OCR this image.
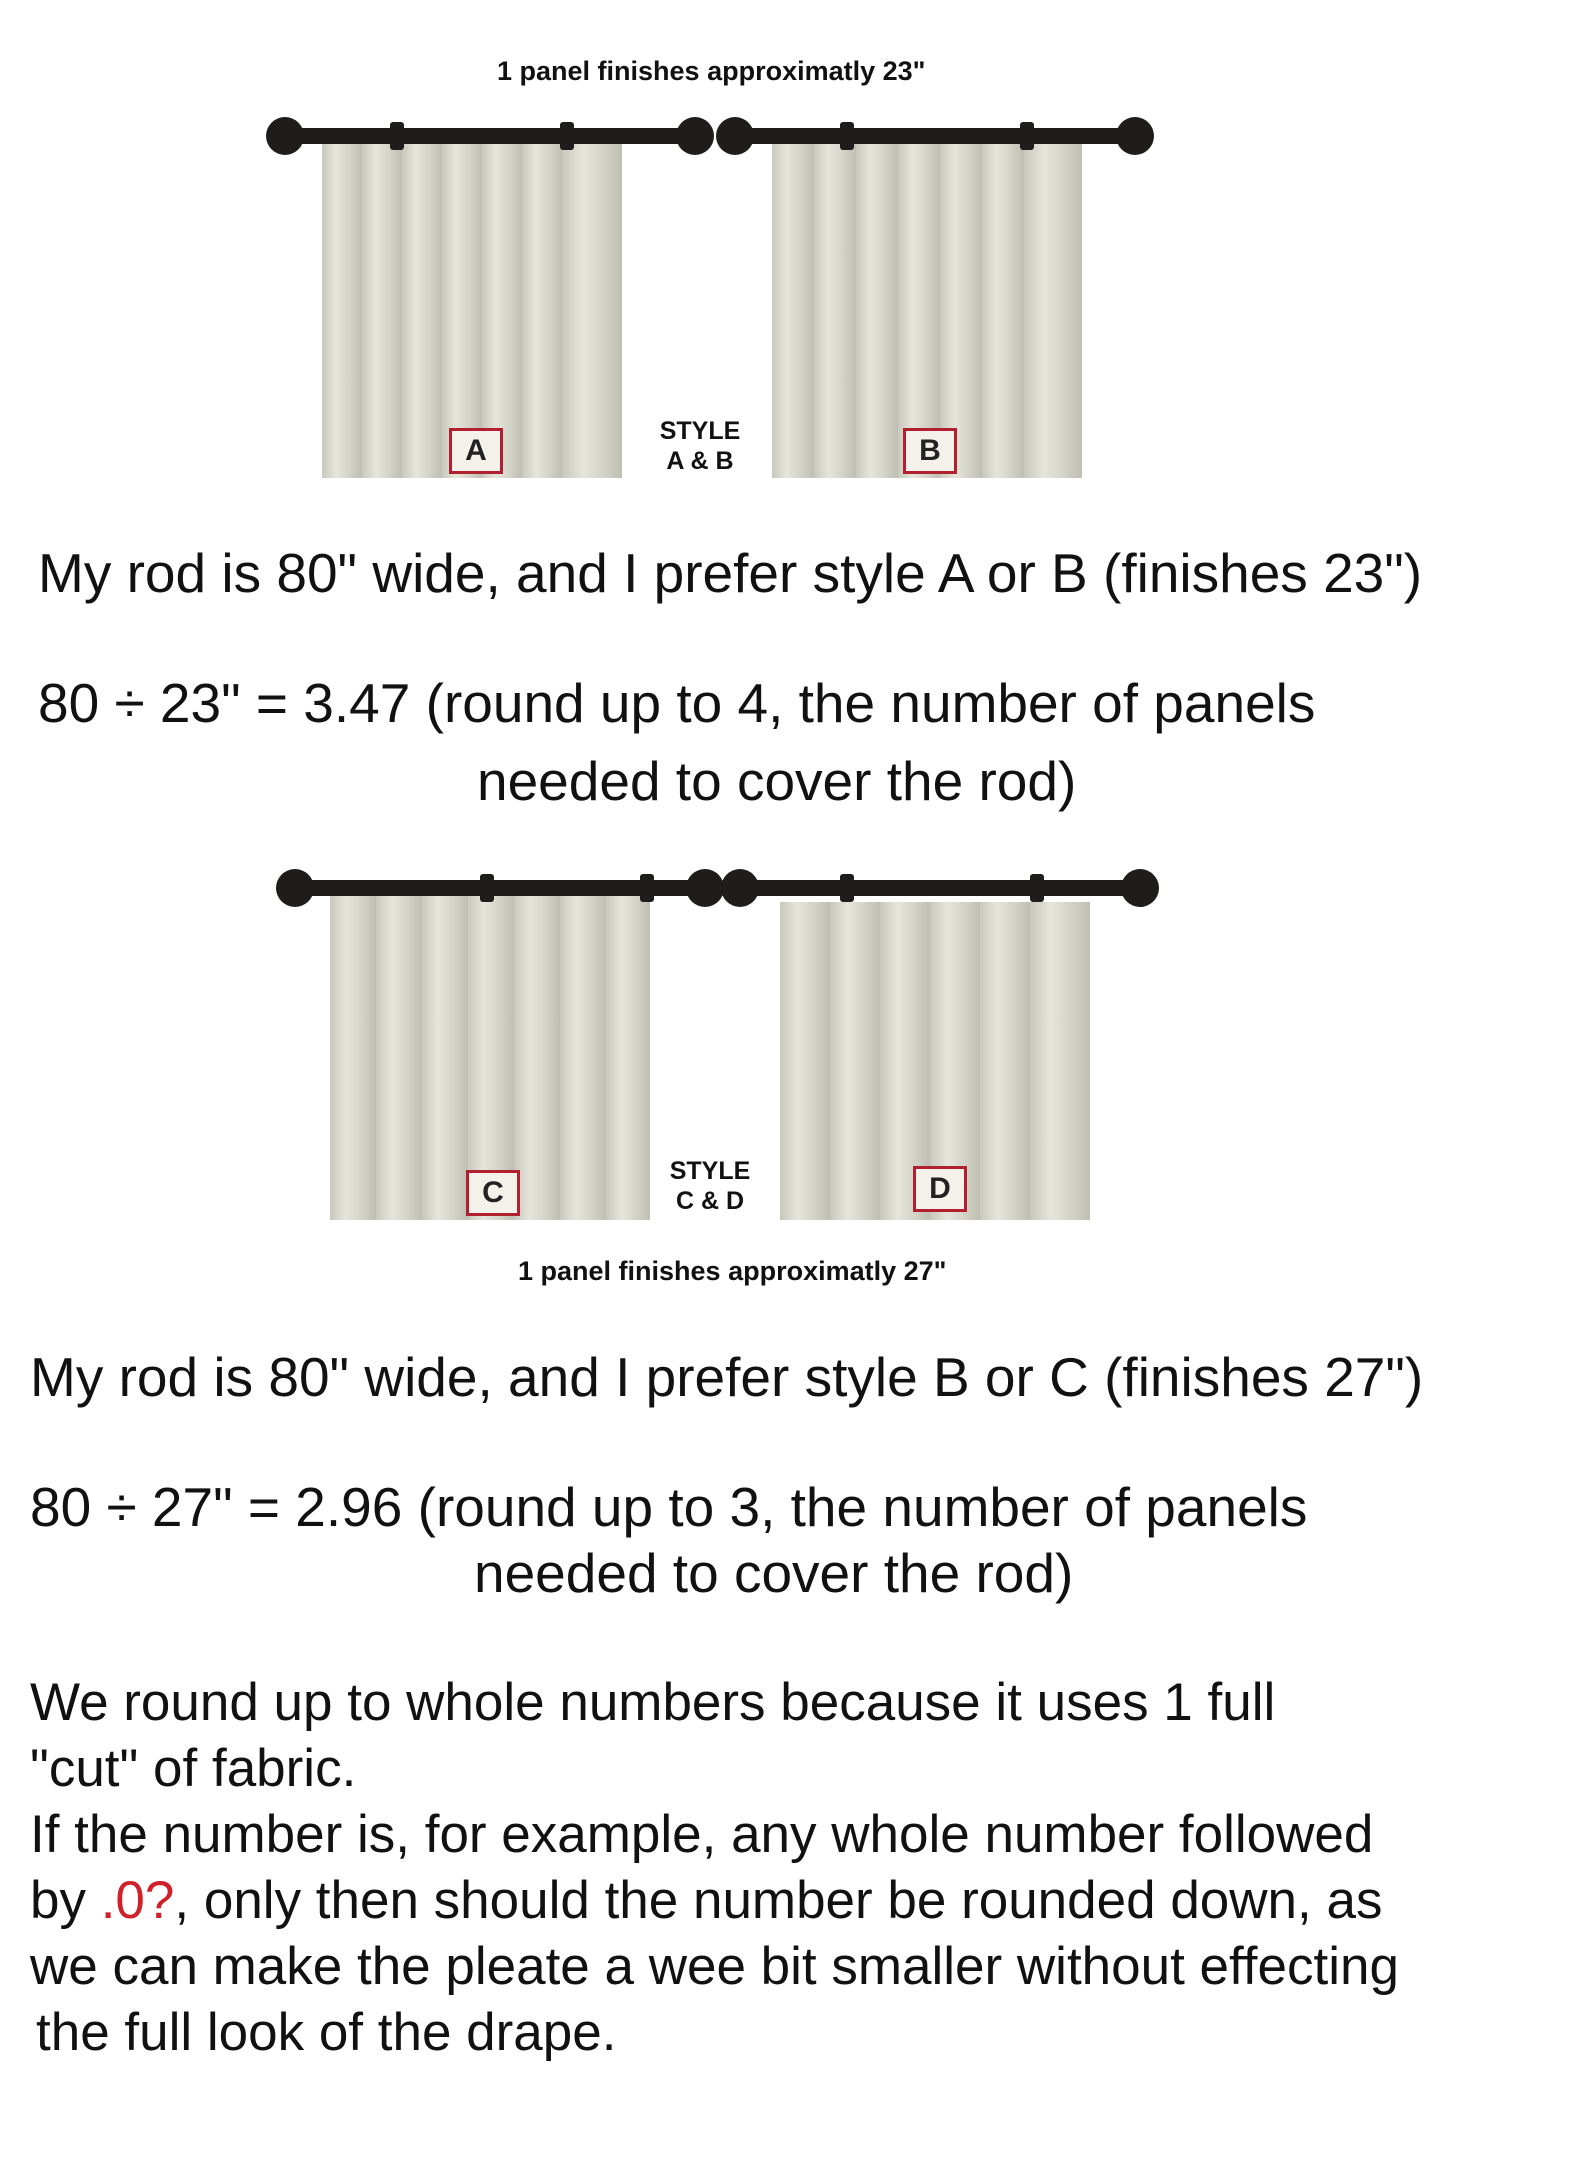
1 panel finishes approximatly 23"
A	B
STYLE
A & B
My rod is 80" wide, and I prefer style A or B (finishes 23")
80 ÷ 23" = 3.47 (round up to 4, the number of panels
needed to cover the rod)
C	D
STYLE
C & D
1 panel finishes approximatly 27"
My rod is 80" wide, and I prefer style B or C (finishes 27")
80 ÷ 27" = 2.96 (round up to 3, the number of panels
needed to cover the rod)
We round up to whole numbers because it uses 1 full
"cut" of fabric.
If the number is, for example, any whole number followed
by .0?, only then should the number be rounded down, as
we can make the pleate a wee bit smaller without effecting
the full look of the drape.
